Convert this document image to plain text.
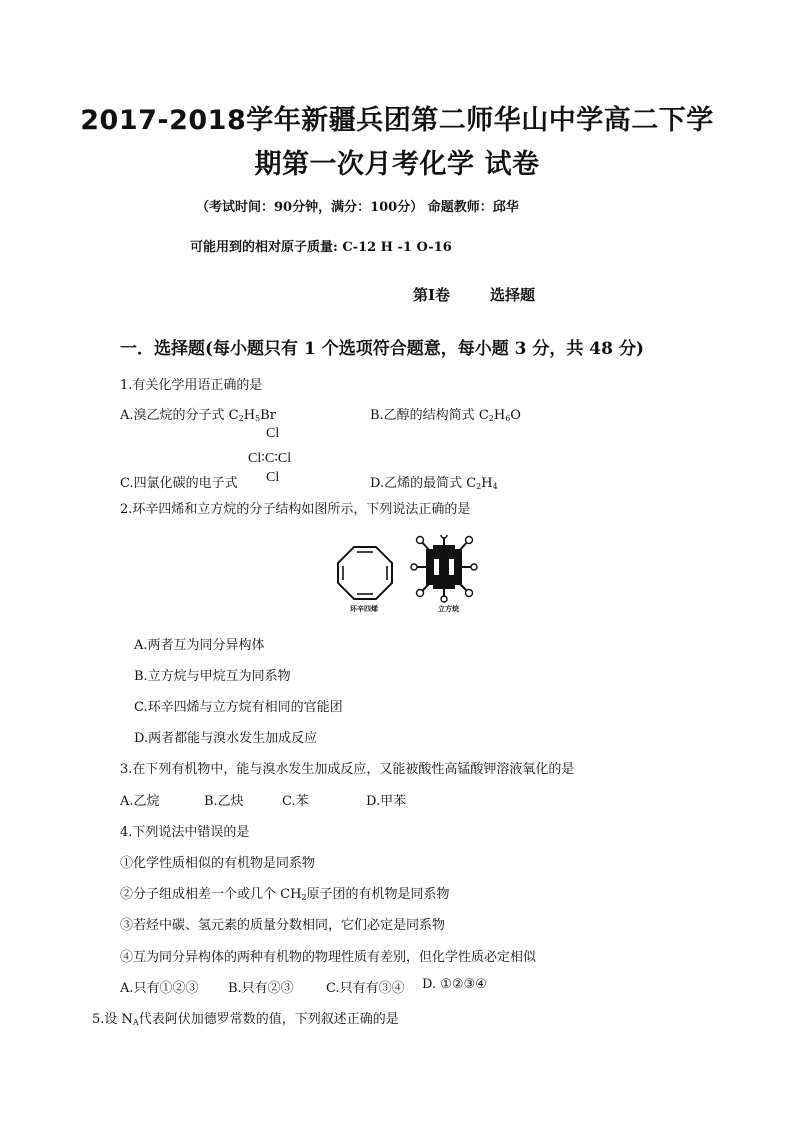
2017-2018学年新疆兵团第二师华山中学高二下学
期第一次月考化学 试卷
（考试时间：90分钟，满分：100分） 命题教师：邱华
可能用到的相对原子质量: C-12 H -1 O-16
第Ⅰ卷	选择题
一．选择题(每小题只有 1 个选项符合题意，每小题 3 分，共 48 分)
1.有关化学用语正确的是
A.溴乙烷的分子式 $C_2H_5Br$	B.乙醇的结构简式 $C_2H_6O$
Cl
Cl∶C∶Cl
Cl
C.四氯化碳的电子式	D.乙烯的最简式 $C_2H_4$
2.环辛四烯和立方烷的分子结构如图所示，下列说法正确的是
环辛四烯	立方烷
A.两者互为同分异构体
B.立方烷与甲烷互为同系物
C.环辛四烯与立方烷有相同的官能团
D.两者都能与溴水发生加成反应
3.在下列有机物中，能与溴水发生加成反应，又能被酸性高锰酸钾溶液氧化的是
A.乙烷	B.乙炔	C.苯	D.甲苯
4.下列说法中错误的是
①化学性质相似的有机物是同系物
②分子组成相差一个或几个 $CH_2$原子团的有机物是同系物
③若烃中碳、氢元素的质量分数相同，它们必定是同系物
④互为同分异构体的两种有机物的物理性质有差别，但化学性质必定相似
A.只有①②③ B.只有②③ C.只有有③④ D. ①②③④
5.设 $N_A$代表阿伏加德罗常数的值，下列叙述正确的是
